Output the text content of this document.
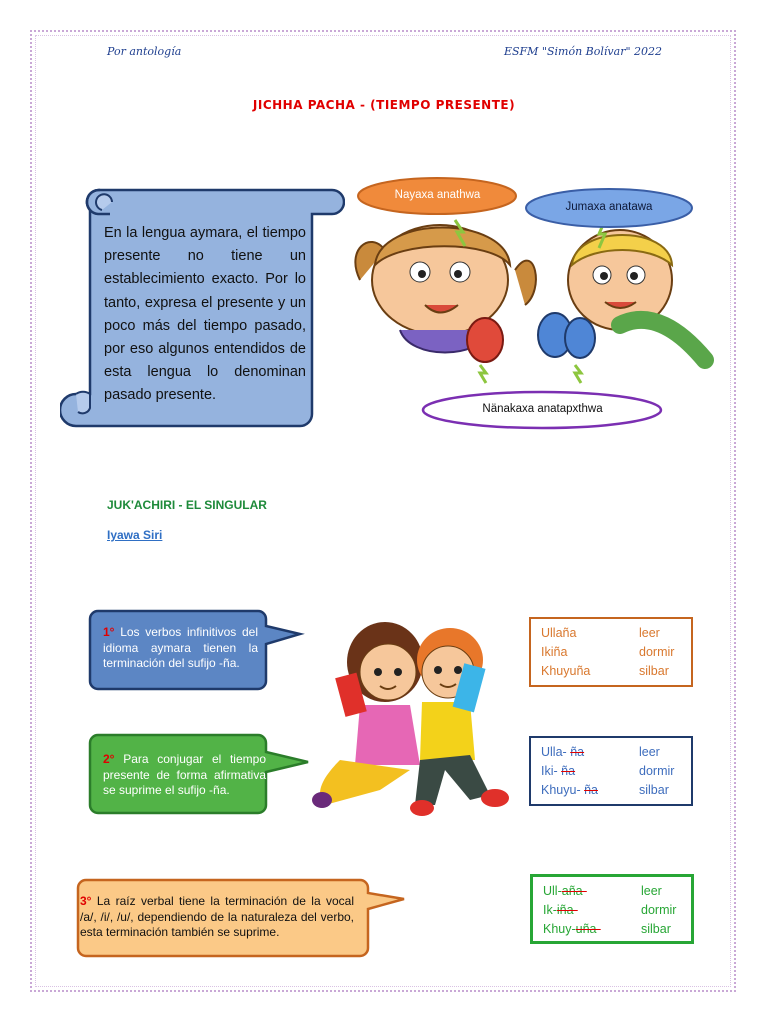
Por antología	ESFM "Simón Bolívar" 2022
JICHHA PACHA - (TIEMPO PRESENTE)
En la lengua aymara, el tiempo presente no tiene un establecimiento exacto. Por lo tanto, expresa el presente y un poco más del tiempo pasado, por eso algunos entendidos de esta lengua lo denominan pasado presente.
Nayaxa anathwa
Jumaxa anatawa
Nänakaxa anatapxthwa
JUK'ACHIRI - EL SINGULAR
Iyawa Siri
1° Los verbos infinitivos del idioma aymara tienen la terminación del sufijo -ña.
2° Para conjugar el tiempo presente de forma afirmativa se suprime el sufijo -ña.
3° La raíz verbal tiene la terminación de la vocal /a/, /i/, /u/, dependiendo de la naturaleza del verbo, esta terminación también se suprime.
Ullaña	leer
Ikiña	dormir
Khuyuña	silbar
Ulla- ña	leer
Iki- ña	dormir
Khuyu- ña	silbar
Ull-aña-	leer
Ik-iña-	dormir
Khuy-uña-	silbar
